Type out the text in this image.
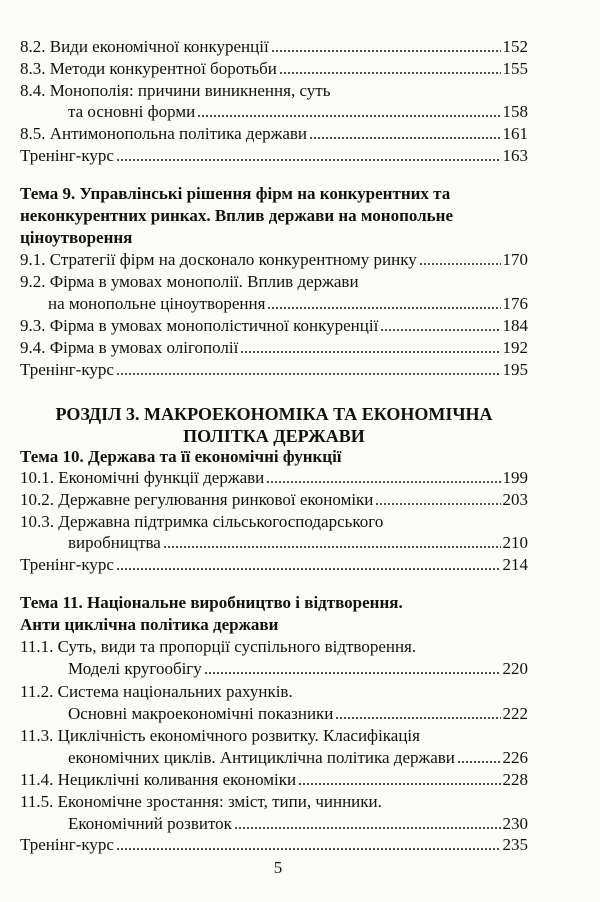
8.2. Види економічної конкуренції	152
8.3. Методи конкурентної боротьби	155
8.4. Монополія: причини виникнення, суть
та основні форми	158
8.5. Антимонопольна політика держави	161
Тренінг-курс	163
Тема 9. Управлінські рішення фірм на конкурентних та
неконкурентних ринках. Вплив держави на монопольне
ціноутворення
9.1. Стратегії фірм на досконало конкурентному ринку	170
9.2. Фірма в умовах монополії. Вплив держави
на монопольне ціноутворення	176
9.3. Фірма в умовах монополістичної конкуренції	184
9.4. Фірма в умовах олігополії	192
Тренінг-курс	195
РОЗДІЛ 3. МАКРОЕКОНОМІКА ТА ЕКОНОМІЧНА
ПОЛІТКА ДЕРЖАВИ
Тема 10. Держава та її економічні функції
10.1. Економічні функції держави	199
10.2. Державне регулювання ринкової економіки	203
10.3. Державна підтримка сільськогосподарського
виробництва	210
Тренінг-курс	214
Тема 11. Національне виробництво і відтворення.
Анти циклічна політика держави
11.1. Суть, види та пропорції суспільного відтворення.
Моделі кругообігу	220
11.2. Система національних рахунків.
Основні макроекономічні показники	222
11.3. Циклічність економічного розвитку. Класифікація
економічних циклів. Антициклічна політика держави	226
11.4. Нециклічні коливання економіки	228
11.5. Економічне зростання: зміст, типи, чинники.
Економічний розвиток	230
Тренінг-курс	235
5
